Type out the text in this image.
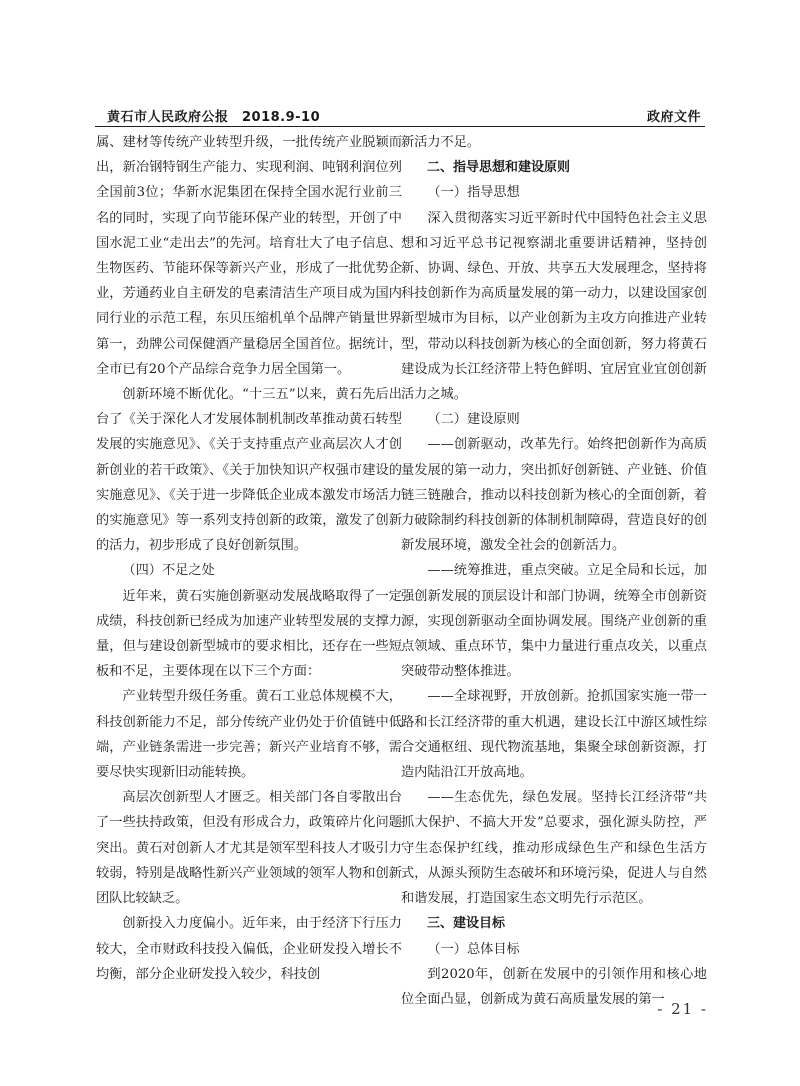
黄石市人民政府公报　2018.9-10	政府文件

属、建材等传统产业转型升级，一批传统产业脱颖而出，新冶钢特钢生产能力、实现利润、吨钢利润位列全国前3位；华新水泥集团在保持全国水泥行业前三名的同时，实现了向节能环保产业的转型，开创了中国水泥工业“走出去”的先河。培育壮大了电子信息、生物医药、节能环保等新兴产业，形成了一批优势企业，芳通药业自主研发的皂素清洁生产项目成为国内同行业的示范工程，东贝压缩机单个品牌产销量世界第一，劲牌公司保健酒产量稳居全国首位。据统计，全市已有20个产品综合竞争力居全国第一。

创新环境不断优化。“十三五”以来，黄石先后出台了《关于深化人才发展体制机制改革推动黄石转型发展的实施意见》、《关于支持重点产业高层次人才创新创业的若干政策》、《关于加快知识产权强市建设的实施意见》、《关于进一步降低企业成本激发市场活力的实施意见》等一系列支持创新的政策，激发了创新的活力，初步形成了良好创新氛围。

（四）不足之处

近年来，黄石实施创新驱动发展战略取得了一定成绩，科技创新已经成为加速产业转型发展的支撑力量，但与建设创新型城市的要求相比，还存在一些短板和不足，主要体现在以下三个方面：

产业转型升级任务重。黄石工业总体规模不大，科技创新能力不足，部分传统产业仍处于价值链中低端，产业链条需进一步完善；新兴产业培育不够，需要尽快实现新旧动能转换。

高层次创新型人才匮乏。相关部门各自零散出台了一些扶持政策，但没有形成合力，政策碎片化问题突出。黄石对创新人才尤其是领军型科技人才吸引力较弱，特别是战略性新兴产业领域的领军人物和创新团队比较缺乏。

创新投入力度偏小。近年来，由于经济下行压力较大，全市财政科技投入偏低，企业研发投入增长不均衡，部分企业研发投入较少，科技创

新活力不足。

二、指导思想和建设原则

（一）指导思想

深入贯彻落实习近平新时代中国特色社会主义思想和习近平总书记视察湖北重要讲话精神，坚持创新、协调、绿色、开放、共享五大发展理念，坚持将科技创新作为高质量发展的第一动力，以建设国家创新型城市为目标，以产业创新为主攻方向推进产业转型，带动以科技创新为核心的全面创新，努力将黄石建设成为长江经济带上特色鲜明、宜居宜业宜创创新活力之城。

（二）建设原则

——创新驱动，改革先行。始终把创新作为高质量发展的第一动力，突出抓好创新链、产业链、价值链三链融合，推动以科技创新为核心的全面创新，着力破除制约科技创新的体制机制障碍，营造良好的创新发展环境，激发全社会的创新活力。

——统筹推进，重点突破。立足全局和长远，加强创新发展的顶层设计和部门协调，统筹全市创新资源，实现创新驱动全面协调发展。围绕产业创新的重点领域、重点环节，集中力量进行重点攻关，以重点突破带动整体推进。

——全球视野，开放创新。抢抓国家实施一带一路和长江经济带的重大机遇，建设长江中游区域性综合交通枢纽、现代物流基地，集聚全球创新资源，打造内陆沿江开放高地。

——生态优先，绿色发展。坚持长江经济带“共抓大保护、不搞大开发”总要求，强化源头防控，严守生态保护红线，推动形成绿色生产和绿色生活方式，从源头预防生态破坏和环境污染，促进人与自然和谐发展，打造国家生态文明先行示范区。

三、建设目标

（一）总体目标

到2020年，创新在发展中的引领作用和核心地位全面凸显，创新成为黄石高质量发展的第一

- 21 -
